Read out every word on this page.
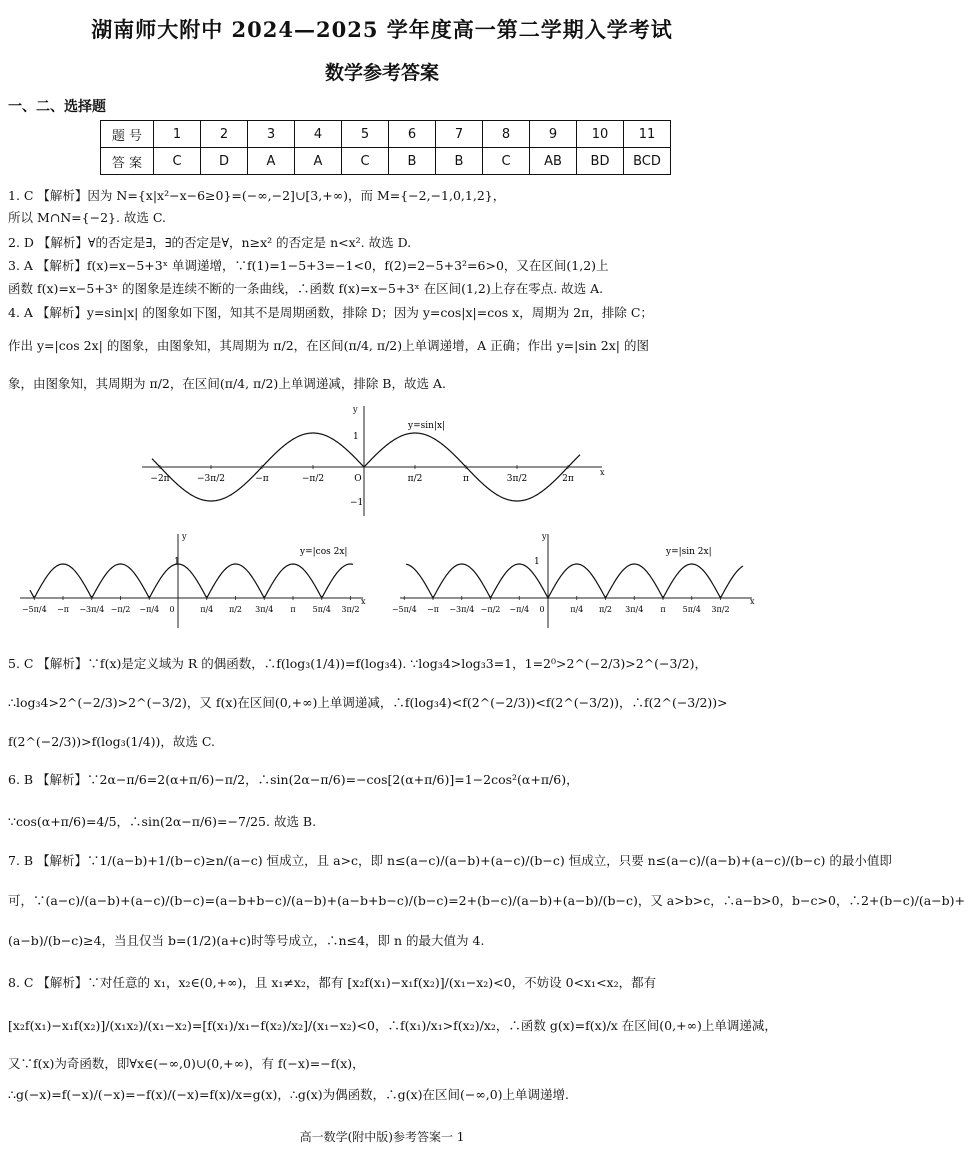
湖南师大附中 2024—2025 学年度高一第二学期入学考试
数学参考答案
一、二、选择题
题 号	1	2	3	4	5	6	7	8	9	10	11
答 案	C	D	A	A	C	B	B	C	AB	BD	BCD
1. C 【解析】因为 N={x|x²−x−6≥0}=(−∞,−2]∪[3,+∞)，而 M={−2,−1,0,1,2}，
所以 M∩N={−2}. 故选 C.
2. D 【解析】∀的否定是∃，∃的否定是∀，n≥x² 的否定是 n<x². 故选 D.
3. A 【解析】f(x)=x−5+3ˣ 单调递增，∵f(1)=1−5+3=−1<0，f(2)=2−5+3²=6>0，又在区间(1,2)上
函数 f(x)=x−5+3ˣ 的图象是连续不断的一条曲线，∴函数 f(x)=x−5+3ˣ 在区间(1,2)上存在零点. 故选 A.
4. A 【解析】y=sin|x| 的图象如下图，知其不是周期函数，排除 D；因为 y=cos|x|=cos x，周期为 2π，排除 C；
作出 y=|cos 2x| 的图象，由图象知，其周期为 π/2，在区间(π/4, π/2)上单调递增，A 正确；作出 y=|sin 2x| 的图
象，由图象知，其周期为 π/2，在区间(π/4, π/2)上单调递减，排除 B，故选 A.
y=sin|x|
y
x
1
−1
−2π	−3π/2	−π	−π/2	O	π/2	π	3π/2	2π
y=|cos 2x|
y
x
1
−5π/4 −π −3π/4 −π/2 −π/4 0	π/4 π/2 3π/4 π 5π/4 3π/2
y=|sin 2x|
y
x
1
−5π/4 −π −3π/4 −π/2 −π/4 0	π/4 π/2 3π/4 π 5π/4 3π/2
5. C 【解析】∵f(x)是定义域为 R 的偶函数，∴f(log₃(1/4))=f(log₃4). ∵log₃4>log₃3=1，1=2⁰>2^(−2/3)>2^(−3/2)，
∴log₃4>2^(−2/3)>2^(−3/2)，又 f(x)在区间(0,+∞)上单调递减，∴f(log₃4)<f(2^(−2/3))<f(2^(−3/2))，∴f(2^(−3/2))>
f(2^(−2/3))>f(log₃(1/4))，故选 C.
6. B 【解析】∵2α−π/6=2(α+π/6)−π/2，∴sin(2α−π/6)=−cos[2(α+π/6)]=1−2cos²(α+π/6)，
∵cos(α+π/6)=4/5，∴sin(2α−π/6)=−7/25. 故选 B.
7. B 【解析】∵1/(a−b)+1/(b−c)≥n/(a−c) 恒成立，且 a>c，即 n≤(a−c)/(a−b)+(a−c)/(b−c) 恒成立，只要 n≤(a−c)/(a−b)+(a−c)/(b−c) 的最小值即
可，∵(a−c)/(a−b)+(a−c)/(b−c)=(a−b+b−c)/(a−b)+(a−b+b−c)/(b−c)=2+(b−c)/(a−b)+(a−b)/(b−c)，又 a>b>c，∴a−b>0，b−c>0，∴2+(b−c)/(a−b)+
(a−b)/(b−c)≥4，当且仅当 b=(1/2)(a+c)时等号成立，∴n≤4，即 n 的最大值为 4.
8. C 【解析】∵对任意的 x₁，x₂∈(0,+∞)，且 x₁≠x₂，都有 [x₂f(x₁)−x₁f(x₂)]/(x₁−x₂)<0，不妨设 0<x₁<x₂，都有
[x₂f(x₁)−x₁f(x₂)]/(x₁x₂)/(x₁−x₂)=[f(x₁)/x₁−f(x₂)/x₂]/(x₁−x₂)<0，∴f(x₁)/x₁>f(x₂)/x₂，∴函数 g(x)=f(x)/x 在区间(0,+∞)上单调递减，
又∵f(x)为奇函数，即∀x∈(−∞,0)∪(0,+∞)，有 f(−x)=−f(x)，
∴g(−x)=f(−x)/(−x)=−f(x)/(−x)=f(x)/x=g(x)，∴g(x)为偶函数，∴g(x)在区间(−∞,0)上单调递增.
高一数学(附中版)参考答案一 1
